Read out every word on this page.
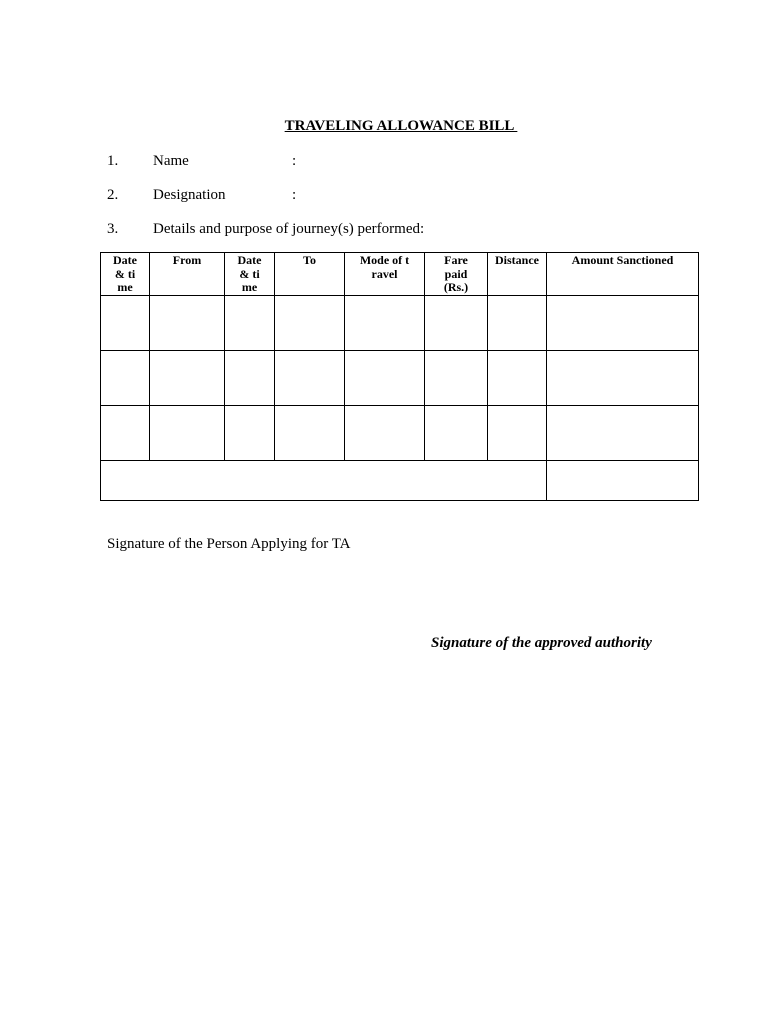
TRAVELING ALLOWANCE BILL
1. Name	:
2. Designation	:
3. Details and purpose of journey(s) performed:
Date & time	From	Date & time	To	Mode of travel	Fare paid (Rs.)	Distance	Amount Sanctioned

Signature of the Person Applying for TA
Signature of the approved authority
